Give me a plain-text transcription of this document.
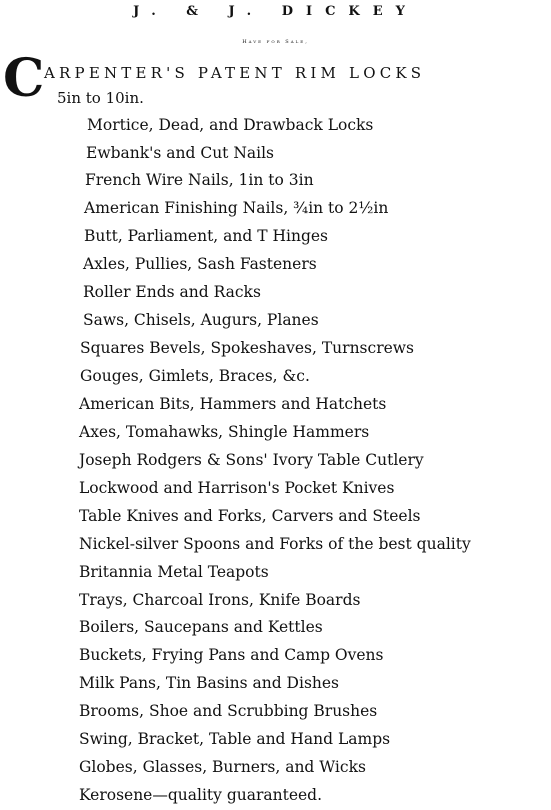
J. & J. DICKEY
Have for Sale,
C ARPENTER'S PATENT RIM LOCKS
5in to 10in.
Mortice, Dead, and Drawback Locks
Ewbank's and Cut Nails
French Wire Nails, 1in to 3in
American Finishing Nails, ¾in to 2½in
Butt, Parliament, and T Hinges
Axles, Pullies, Sash Fasteners
Roller Ends and Racks
Saws, Chisels, Augurs, Planes
Squares Bevels, Spokeshaves, Turnscrews
Gouges, Gimlets, Braces, &c.
American Bits, Hammers and Hatchets
Axes, Tomahawks, Shingle Hammers
Joseph Rodgers & Sons' Ivory Table Cutlery
Lockwood and Harrison's Pocket Knives
Table Knives and Forks, Carvers and Steels
Nickel-silver Spoons and Forks of the best quality
Britannia Metal Teapots
Trays, Charcoal Irons, Knife Boards
Boilers, Saucepans and Kettles
Buckets, Frying Pans and Camp Ovens
Milk Pans, Tin Basins and Dishes
Brooms, Shoe and Scrubbing Brushes
Swing, Bracket, Table and Hand Lamps
Globes, Glasses, Burners, and Wicks
Kerosene—quality guaranteed.
